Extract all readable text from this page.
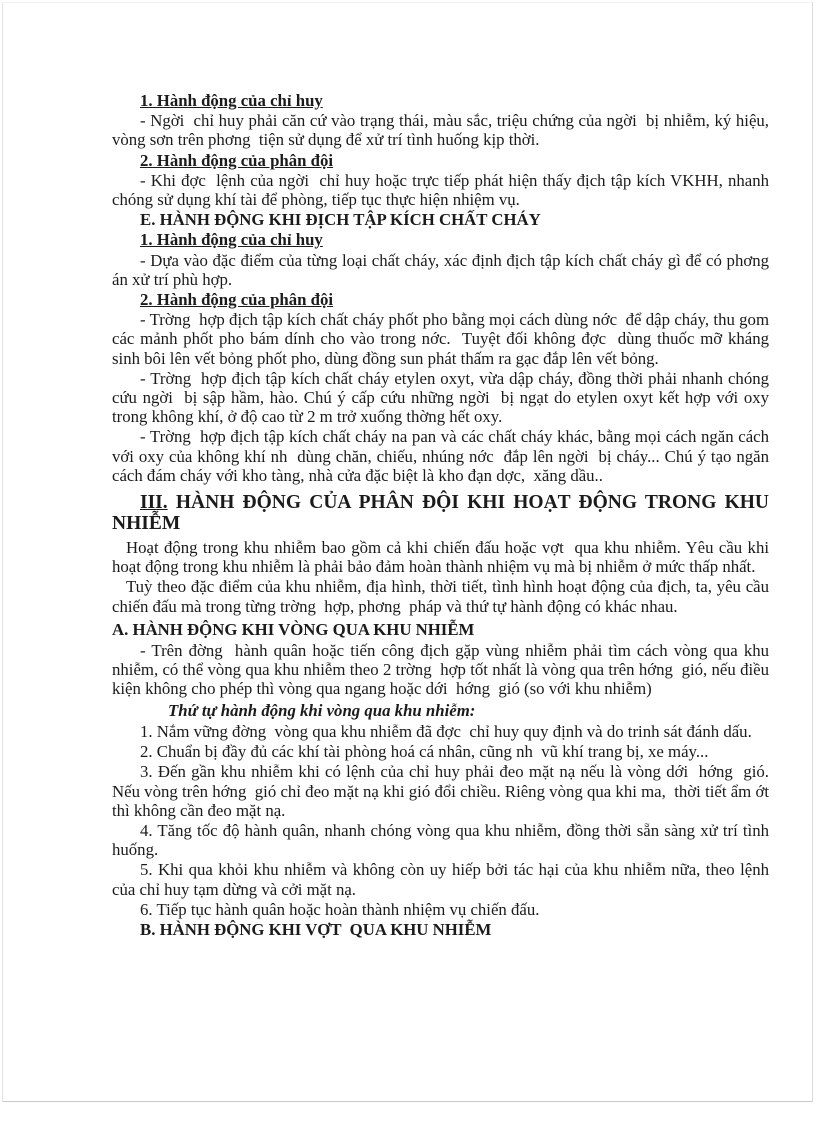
1. Hành động của chỉ huy

- Ngời  chỉ huy phải căn cứ vào trạng thái, màu sắc, triệu chứng của ngời  bị nhiễm, ký hiệu, vòng sơn trên phơng  tiện sử dụng để xử trí tình huống kịp thời.

2. Hành động của phân đội

- Khi đợc  lệnh của ngời  chỉ huy hoặc trực tiếp phát hiện thấy địch tập kích VKHH, nhanh chóng sử dụng khí tài để phòng, tiếp tục thực hiện nhiệm vụ.

E. HÀNH ĐỘNG KHI ĐỊCH TẬP KÍCH CHẤT CHÁY

1. Hành động của chỉ huy

- Dựa vào đặc điểm của từng loại chất cháy, xác định địch tập kích chất cháy gì để có phơng  án xử trí phù hợp.

2. Hành động của phân đội

- Trờng  hợp địch tập kích chất cháy phốt pho bằng mọi cách dùng nớc  để dập cháy, thu gom các mảnh phốt pho bám dính cho vào trong nớc.  Tuyệt đối không đợc  dùng thuốc mỡ kháng sinh bôi lên vết bỏng phốt pho, dùng đồng sun phát thấm ra gạc đắp lên vết bỏng.

- Trờng  hợp địch tập kích chất cháy etylen oxyt, vừa dập cháy, đồng thời phải nhanh chóng cứu ngời  bị sập hầm, hào. Chú ý cấp cứu những ngời  bị ngạt do etylen oxyt kết hợp với oxy trong không khí, ở độ cao từ 2 m trở xuống thờng hết oxy.

- Trờng  hợp địch tập kích chất cháy na pan và các chất cháy khác, bằng mọi cách ngăn cách với oxy của không khí nh  dùng chăn, chiếu, nhúng nớc  đắp lên ngời  bị cháy... Chú ý tạo ngăn cách đám cháy với kho tàng, nhà cửa đặc biệt là kho đạn dợc,  xăng dầu..

III. HÀNH ĐỘNG CỦA PHÂN ĐỘI KHI HOẠT ĐỘNG TRONG KHU NHIỄM

Hoạt động trong khu nhiễm bao gồm cả khi chiến đấu hoặc vợt  qua khu nhiễm. Yêu cầu khi hoạt động trong khu nhiễm là phải bảo đảm hoàn thành nhiệm vụ mà bị nhiễm ở mức thấp nhất.

Tuỳ theo đặc điểm của khu nhiễm, địa hình, thời tiết, tình hình hoạt động của địch, ta, yêu cầu chiến đấu mà trong từng trờng  hợp, phơng  pháp và thứ tự hành động có khác nhau.

A. HÀNH ĐỘNG KHI VÒNG QUA KHU NHIỄM

- Trên đờng  hành quân hoặc tiến công địch gặp vùng nhiễm phải tìm cách vòng qua khu nhiễm, có thể vòng qua khu nhiễm theo 2 trờng  hợp tốt nhất là vòng qua trên hớng  gió, nếu điều kiện không cho phép thì vòng qua ngang hoặc dới  hớng  gió (so với khu nhiễm)

Thứ tự hành động khi vòng qua khu nhiễm:

1. Nắm vững đờng  vòng qua khu nhiễm đã đợc  chỉ huy quy định và do trinh sát đánh dấu.

2. Chuẩn bị đầy đủ các khí tài phòng hoá cá nhân, cũng nh  vũ khí trang bị, xe máy...

3. Đến gần khu nhiễm khi có lệnh của chỉ huy phải đeo mặt nạ nếu là vòng dới  hớng  gió. Nếu vòng trên hớng  gió chỉ đeo mặt nạ khi gió đổi chiều. Riêng vòng qua khi ma,  thời tiết ẩm ớt  thì không cần đeo mặt nạ.

4. Tăng tốc độ hành quân, nhanh chóng vòng qua khu nhiễm, đồng thời sẵn sàng xử trí tình huống.

5. Khi qua khỏi khu nhiễm và không còn uy hiếp bởi tác hại của khu nhiễm nữa, theo lệnh của chỉ huy tạm dừng và cởi mặt nạ.

6. Tiếp tục hành quân hoặc hoàn thành nhiệm vụ chiến đấu.

B. HÀNH ĐỘNG KHI VỢT  QUA KHU NHIỄM
